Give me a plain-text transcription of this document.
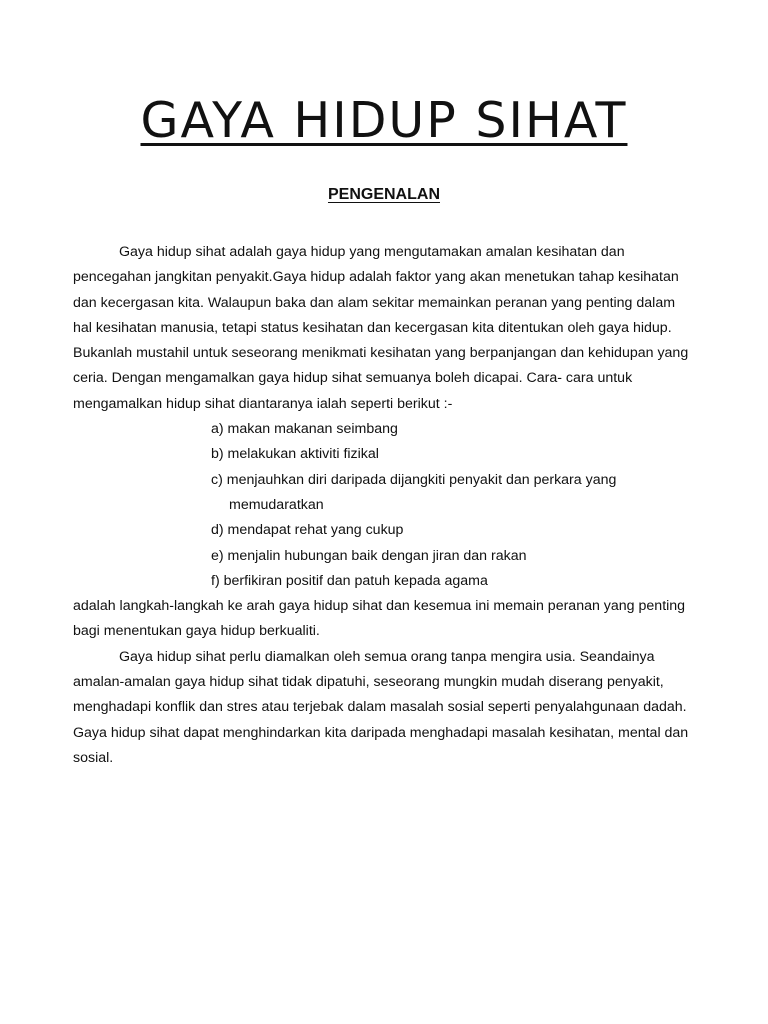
GAYA HIDUP SIHAT
PENGENALAN

Gaya hidup sihat adalah gaya hidup yang mengutamakan amalan kesihatan dan pencegahan jangkitan penyakit.Gaya hidup adalah faktor yang akan menetukan tahap kesihatan dan kecergasan kita. Walaupun baka dan alam sekitar memainkan peranan yang penting dalam hal kesihatan manusia, tetapi status kesihatan dan kecergasan kita ditentukan oleh gaya hidup. Bukanlah mustahil untuk seseorang menikmati kesihatan yang berpanjangan dan kehidupan yang ceria. Dengan mengamalkan gaya hidup sihat semuanya boleh dicapai. Cara- cara untuk mengamalkan hidup sihat diantaranya ialah seperti berikut :-

a) makan makanan seimbang
b) melakukan aktiviti fizikal
c) menjauhkan diri daripada dijangkiti penyakit dan perkara yang
memudaratkan
d) mendapat rehat yang cukup
e) menjalin hubungan baik dengan jiran dan rakan
f) berfikiran positif dan patuh kepada agama

adalah langkah-langkah ke arah gaya hidup sihat dan kesemua ini memain peranan yang penting bagi menentukan gaya hidup berkualiti.

Gaya hidup sihat perlu diamalkan oleh semua orang tanpa mengira usia. Seandainya amalan-amalan gaya hidup sihat tidak dipatuhi, seseorang mungkin mudah diserang penyakit, menghadapi konflik dan stres atau terjebak dalam masalah sosial seperti penyalahgunaan dadah. Gaya hidup sihat dapat menghindarkan kita daripada menghadapi masalah kesihatan, mental dan sosial.
